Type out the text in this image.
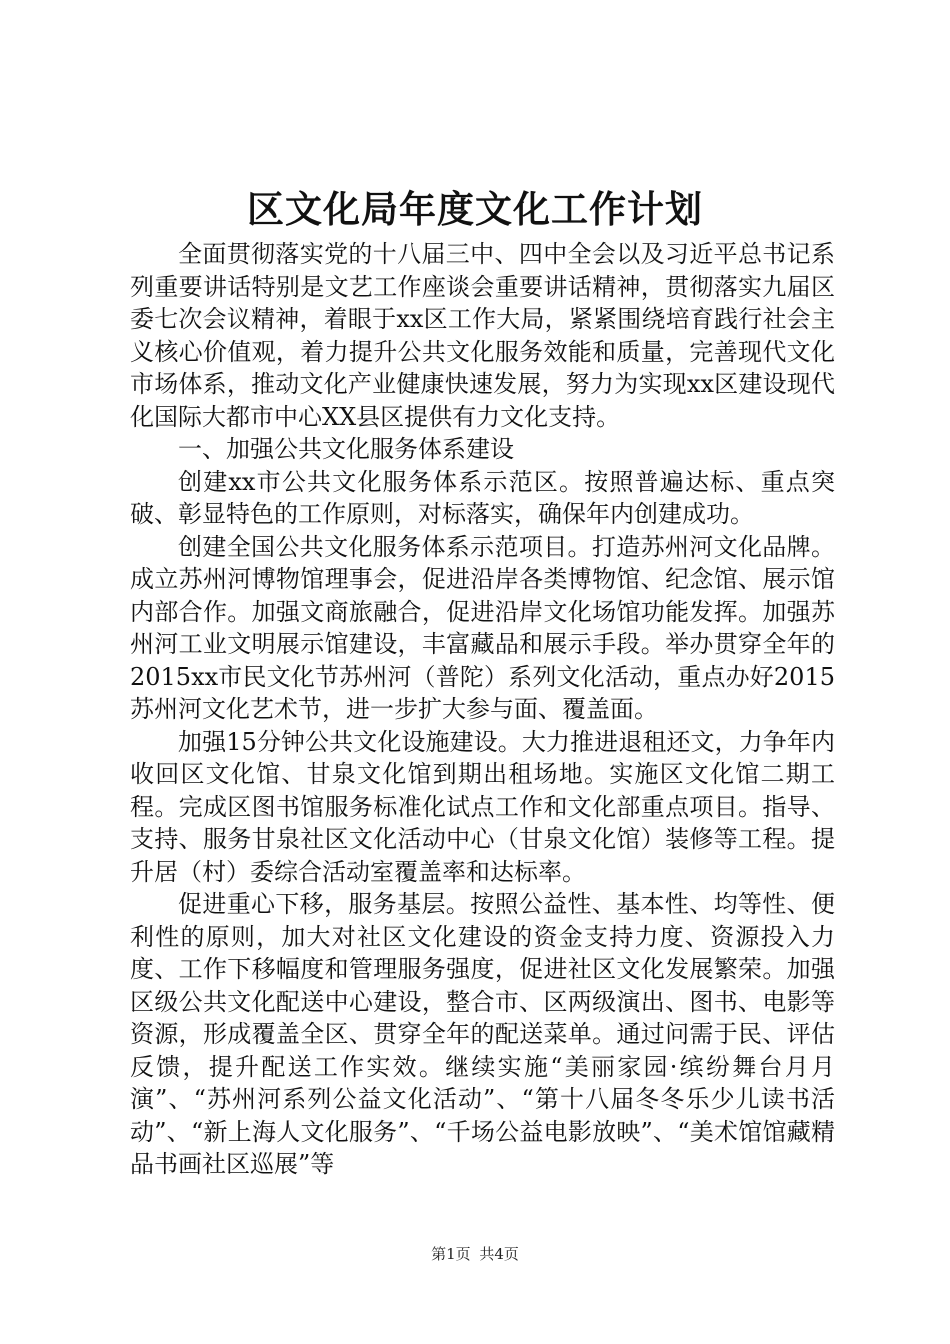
区文化局年度文化工作计划

全面贯彻落实党的十八届三中、四中全会以及习近平总书记系列重要讲话特别是文艺工作座谈会重要讲话精神，贯彻落实九届区委七次会议精神，着眼于xx区工作大局，紧紧围绕培育践行社会主义核心价值观，着力提升公共文化服务效能和质量，完善现代文化市场体系，推动文化产业健康快速发展，努力为实现xx区建设现代化国际大都市中心XX县区提供有力文化支持。

一、加强公共文化服务体系建设

创建xx市公共文化服务体系示范区。按照普遍达标、重点突破、彰显特色的工作原则，对标落实，确保年内创建成功。

创建全国公共文化服务体系示范项目。打造苏州河文化品牌。成立苏州河博物馆理事会，促进沿岸各类博物馆、纪念馆、展示馆内部合作。加强文商旅融合，促进沿岸文化场馆功能发挥。加强苏州河工业文明展示馆建设，丰富藏品和展示手段。举办贯穿全年的2015xx市民文化节苏州河（普陀）系列文化活动，重点办好2015苏州河文化艺术节，进一步扩大参与面、覆盖面。

加强15分钟公共文化设施建设。大力推进退租还文，力争年内收回区文化馆、甘泉文化馆到期出租场地。实施区文化馆二期工程。完成区图书馆服务标准化试点工作和文化部重点项目。指导、支持、服务甘泉社区文化活动中心（甘泉文化馆）装修等工程。提升居（村）委综合活动室覆盖率和达标率。

促进重心下移，服务基层。按照公益性、基本性、均等性、便利性的原则，加大对社区文化建设的资金支持力度、资源投入力度、工作下移幅度和管理服务强度，促进社区文化发展繁荣。加强区级公共文化配送中心建设，整合市、区两级演出、图书、电影等资源，形成覆盖全区、贯穿全年的配送菜单。通过问需于民、评估反馈，提升配送工作实效。继续实施“美丽家园·缤纷舞台月月演”、“苏州河系列公益文化活动”、“第十八届冬冬乐少儿读书活动”、“新上海人文化服务”、“千场公益电影放映”、“美术馆馆藏精品书画社区巡展”等

第1页 共4页
